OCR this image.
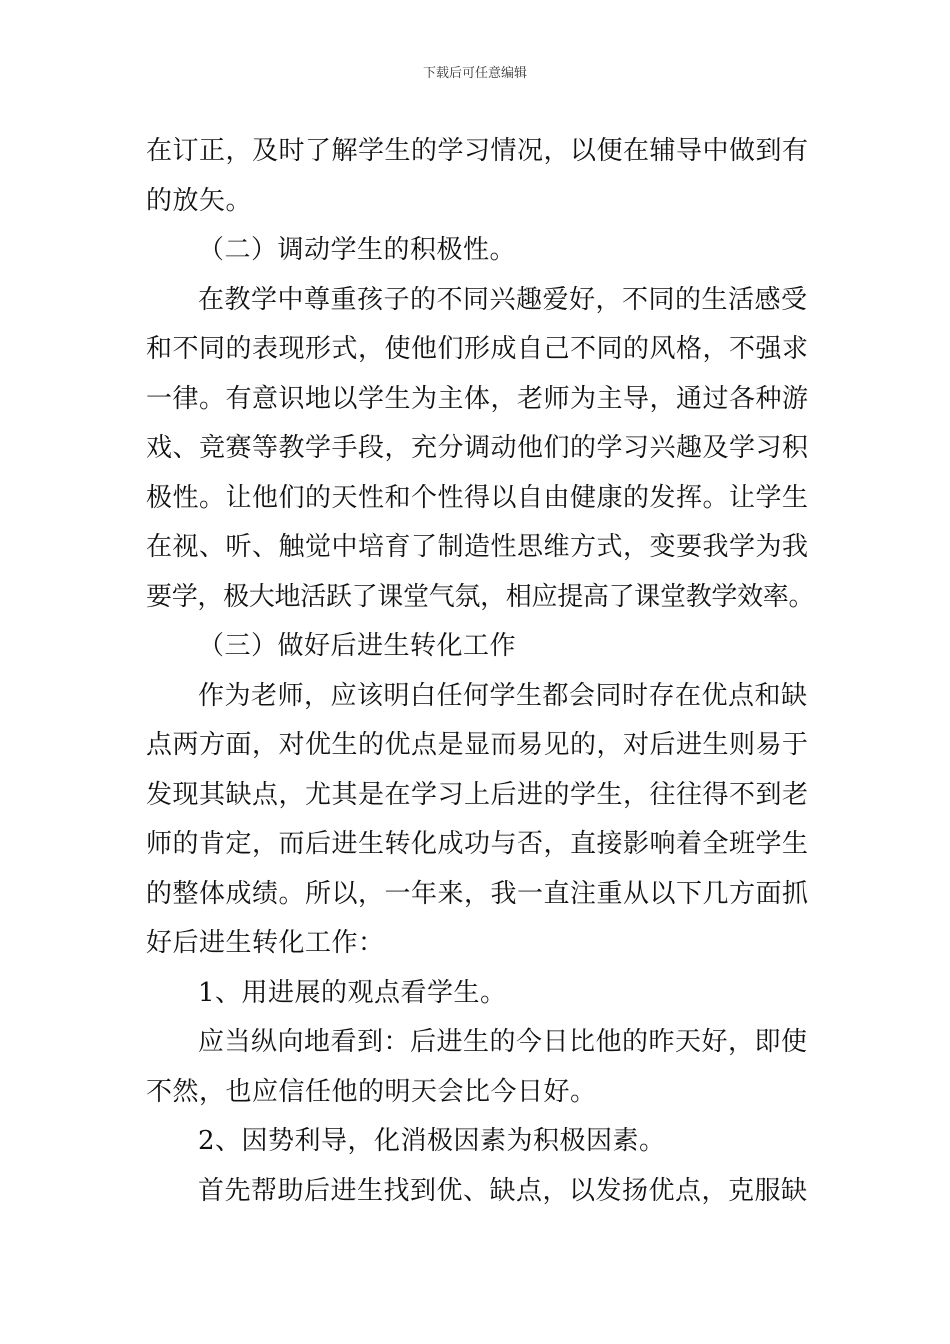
下载后可任意编辑
在订正，及时了解学生的学习情况，以便在辅导中做到有
的放矢。
（二）调动学生的积极性。
在教学中尊重孩子的不同兴趣爱好，不同的生活感受
和不同的表现形式，使他们形成自己不同的风格，不强求
一律。有意识地以学生为主体，老师为主导，通过各种游
戏、竞赛等教学手段，充分调动他们的学习兴趣及学习积
极性。让他们的天性和个性得以自由健康的发挥。让学生
在视、听、触觉中培育了制造性思维方式，变要我学为我
要学，极大地活跃了课堂气氛，相应提高了课堂教学效率。
（三）做好后进生转化工作
作为老师，应该明白任何学生都会同时存在优点和缺
点两方面，对优生的优点是显而易见的，对后进生则易于
发现其缺点，尤其是在学习上后进的学生，往往得不到老
师的肯定，而后进生转化成功与否，直接影响着全班学生
的整体成绩。所以，一年来，我一直注重从以下几方面抓
好后进生转化工作：
1、用进展的观点看学生。
应当纵向地看到：后进生的今日比他的昨天好，即使
不然，也应信任他的明天会比今日好。
2、因势利导，化消极因素为积极因素。
首先帮助后进生找到优、缺点，以发扬优点，克服缺
